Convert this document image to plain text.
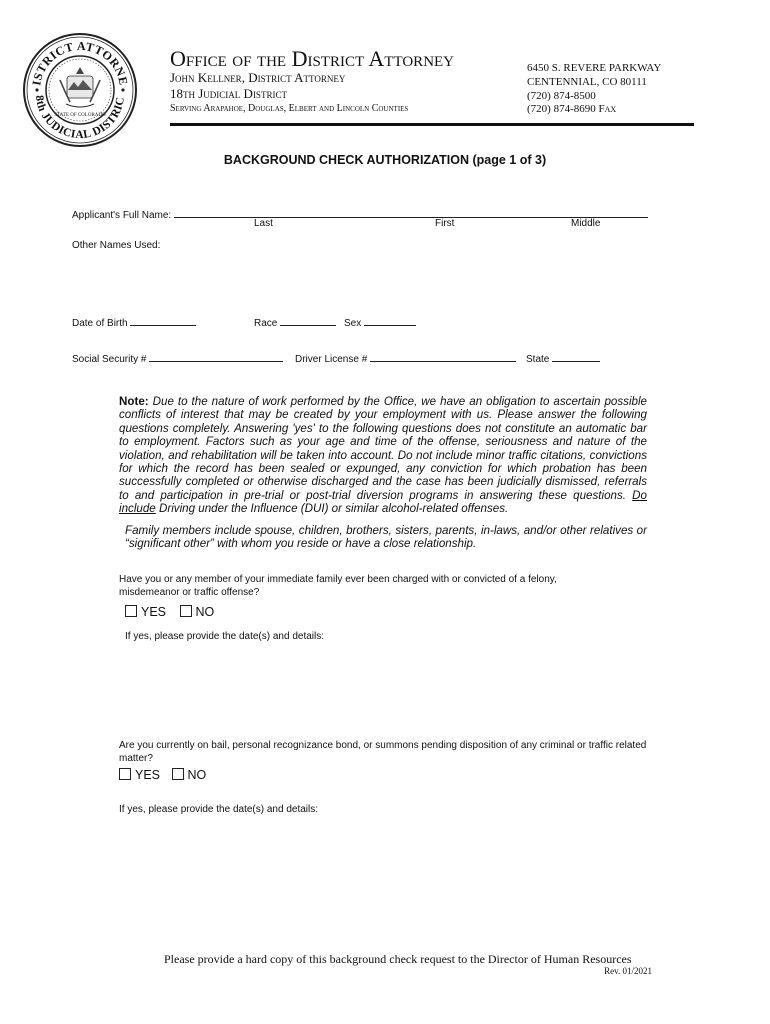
ISTRICT ATTORNE
8th JUDICIAL DISTRIC
STATE OF COLORADO
Office of the District Attorney
John Kellner, District Attorney
18th Judicial District
Serving Arapahoe, Douglas, Elbert and Lincoln Counties
6450 S. REVERE PARKWAY
CENTENNIAL, CO 80111
(720) 874-8500
(720) 874-8690 Fax
BACKGROUND CHECK AUTHORIZATION (page 1 of 3)
Applicant's Full Name:
Last	First	Middle
Other Names Used:
Date of Birth	Race	Sex
Social Security #	Driver License #	State
Note: Due to the nature of work performed by the Office, we have an obligation to ascertain possible conflicts of interest that may be created by your employment with us. Please answer the following questions completely. Answering 'yes' to the following questions does not constitute an automatic bar to employment. Factors such as your age and time of the offense, seriousness and nature of the violation, and rehabilitation will be taken into account. Do not include minor traffic citations, convictions for which the record has been sealed or expunged, any conviction for which probation has been successfully completed or otherwise discharged and the case has been judicially dismissed, referrals to and participation in pre-trial or post-trial diversion programs in answering these questions. Do include Driving under the Influence (DUI) or similar alcohol-related offenses.
Family members include spouse, children, brothers, sisters, parents, in-laws, and/or other relatives or “significant other” with whom you reside or have a close relationship.
Have you or any member of your immediate family ever been charged with or convicted of a felony, misdemeanor or traffic offense?
YES NO
If yes, please provide the date(s) and details:
Are you currently on bail, personal recognizance bond, or summons pending disposition of any criminal or traffic related matter?
YES NO
If yes, please provide the date(s) and details:
Please provide a hard copy of this background check request to the Director of Human Resources
Rev. 01/2021
